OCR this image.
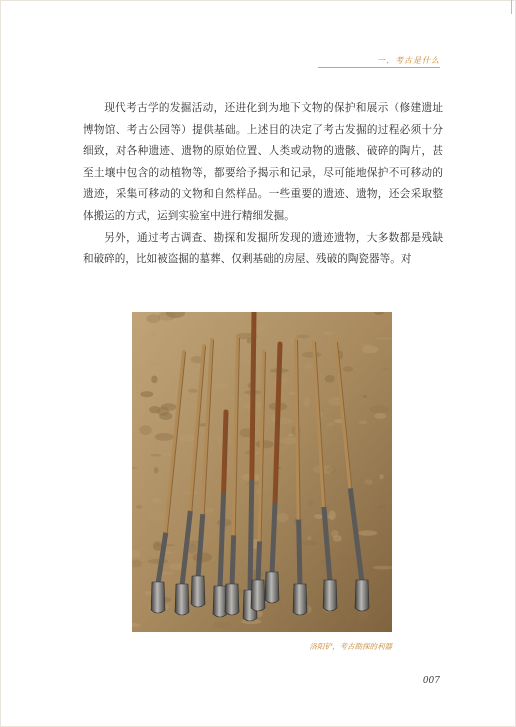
一、考古是什么

现代考古学的发掘活动，还进化到为地下文物的保护和展示（修建遗址博物馆、考古公园等）提供基础。上述目的决定了考古发掘的过程必须十分细致，对各种遗迹、遗物的原始位置、人类或动物的遗骸、破碎的陶片，甚至土壤中包含的动植物等，都要给予揭示和记录，尽可能地保护不可移动的遗迹，采集可移动的文物和自然样品。一些重要的遗迹、遗物，还会采取整体搬运的方式，运到实验室中进行精细发掘。

另外，通过考古调查、勘探和发掘所发现的遗迹遗物，大多数都是残缺和破碎的，比如被盗掘的墓葬、仅剩基础的房屋、残破的陶瓷器等。对

洛阳铲，考古勘探的利器
007
